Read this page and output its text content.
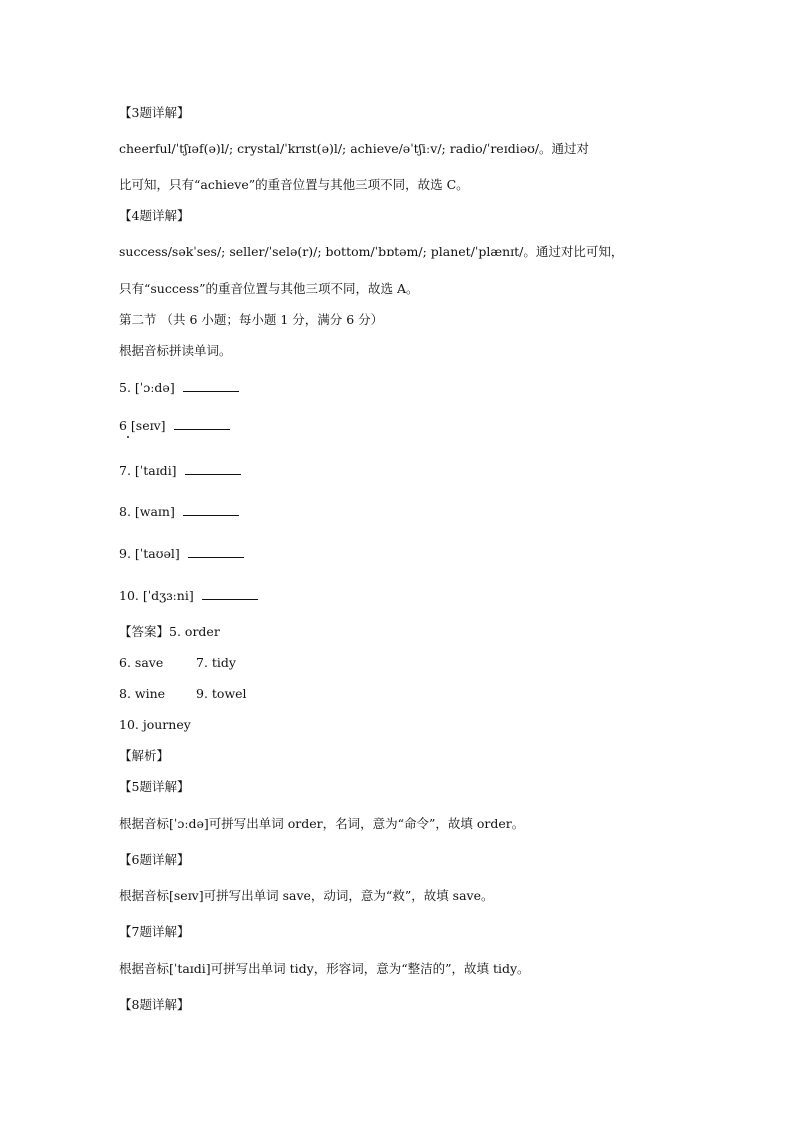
【3题详解】
cheerful/ˈtʃɪəf(ə)l/; crystal/ˈkrɪst(ə)l/; achieve/əˈtʃiːv/; radio/ˈreɪdiəʊ/。通过对
比可知，只有“achieve”的重音位置与其他三项不同，故选 C。
【4题详解】
success/səkˈses/; seller/ˈselə(r)/; bottom/ˈbɒtəm/; planet/ˈplænɪt/。通过对比可知，
只有“success”的重音位置与其他三项不同，故选 A。
第二节 （共 6 小题；每小题 1 分，满分 6 分）
根据音标拼读单词。
5. [ˈɔːdə]
6 [seɪv]
7. [ˈtaɪdi]
8. [waɪn]
9. [ˈtaʊəl]
10. [ˈdʒɜːni]
【答案】5. order
6. save	7. tidy
8. wine 9. towel
10. journey
【解析】
【5题详解】
根据音标[ˈɔːdə]可拼写出单词 order，名词，意为“命令”，故填 order。
【6题详解】
根据音标[seɪv]可拼写出单词 save，动词，意为“救”，故填 save。
【7题详解】
根据音标[ˈtaɪdi]可拼写出单词 tidy，形容词，意为“整洁的”，故填 tidy。
【8题详解】
